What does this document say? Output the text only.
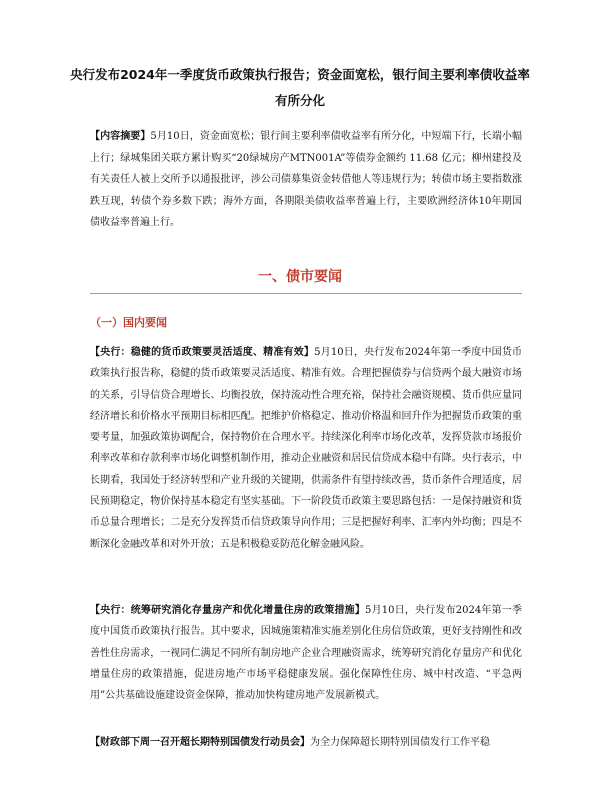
央行发布2024年一季度货币政策执行报告；资金面宽松，银行间主要利率债收益率有所分化
【内容摘要】5月10日，资金面宽松；银行间主要利率债收益率有所分化，中短端下行，长端小幅上行；绿城集团关联方累计购买“20绿城房产MTN001A”等债券金额约 11.68 亿元；柳州建投及有关责任人被上交所予以通报批评，涉公司债募集资金转借他人等违规行为；转债市场主要指数涨跌互现，转债个券多数下跌；海外方面，各期限美债收益率普遍上行，主要欧洲经济体10年期国债收益率普遍上行。
一、债市要闻
（一）国内要闻
【央行：稳健的货币政策要灵活适度、精准有效】5月10日，央行发布2024年第一季度中国货币政策执行报告称，稳健的货币政策要灵活适度、精准有效。合理把握债券与信贷两个最大融资市场的关系，引导信贷合理增长、均衡投放，保持流动性合理充裕，保持社会融资规模、货币供应量同经济增长和价格水平预期目标相匹配。把维护价格稳定、推动价格温和回升作为把握货币政策的重要考量，加强政策协调配合，保持物价在合理水平。持续深化利率市场化改革，发挥贷款市场报价利率改革和存款利率市场化调整机制作用，推动企业融资和居民信贷成本稳中有降。央行表示，中长期看，我国处于经济转型和产业升级的关键期，供需条件有望持续改善，货币条件合理适度，居民预期稳定，物价保持基本稳定有坚实基础。下一阶段货币政策主要思路包括：一是保持融资和货币总量合理增长；二是充分发挥货币信贷政策导向作用；三是把握好利率、汇率内外均衡；四是不断深化金融改革和对外开放；五是积极稳妥防范化解金融风险。
【央行：统筹研究消化存量房产和优化增量住房的政策措施】5月10日，央行发布2024年第一季度中国货币政策执行报告。其中要求，因城施策精准实施差别化住房信贷政策，更好支持刚性和改善性住房需求，一视同仁满足不同所有制房地产企业合理融资需求，统筹研究消化存量房产和优化增量住房的政策措施，促进房地产市场平稳健康发展。强化保障性住房、城中村改造、“平急两用”公共基础设施建设资金保障，推动加快构建房地产发展新模式。
【财政部下周一召开超长期特别国债发行动员会】为全力保障超长期特别国债发行工作平稳
